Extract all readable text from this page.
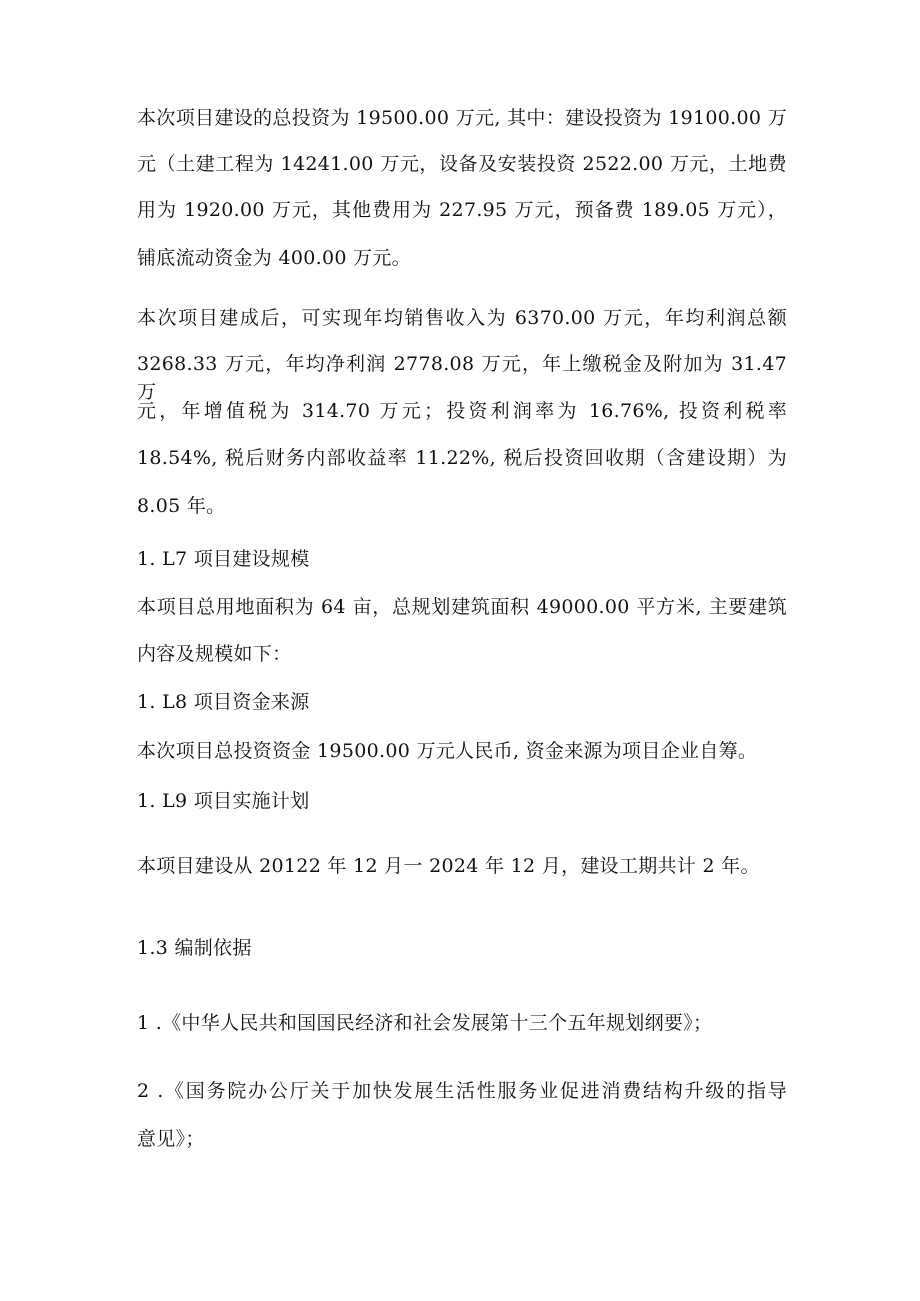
本次项目建设的总投资为 19500.00 万元, 其中：建设投资为 19100.00 万
元（土建工程为 14241.00 万元，设备及安装投资 2522.00 万元，土地费
用为 1920.00 万元，其他费用为 227.95 万元，预备费 189.05 万元），
铺底流动资金为 400.00 万元。
本次项目建成后，可实现年均销售收入为 6370.00 万元，年均利润总额
3268.33 万元，年均净利润 2778.08 万元，年上缴税金及附加为 31.47 万
元，年增值税为 314.70 万元；投资利润率为 16.76%, 投资利税率
18.54%, 税后财务内部收益率 11.22%, 税后投资回收期（含建设期）为
8.05 年。
1. L7 项目建设规模
本项目总用地面积为 64 亩，总规划建筑面积 49000.00 平方米, 主要建筑
内容及规模如下：
1. L8 项目资金来源
本次项目总投资资金 19500.00 万元人民币, 资金来源为项目企业自筹。
1. L9 项目实施计划
本项目建设从 20122 年 12 月一 2024 年 12 月，建设工期共计 2 年。
1.3 编制依据
1 .《中华人民共和国国民经济和社会发展第十三个五年规划纲要》；
2 .《国务院办公厅关于加快发展生活性服务业促进消费结构升级的指导
意见》；
